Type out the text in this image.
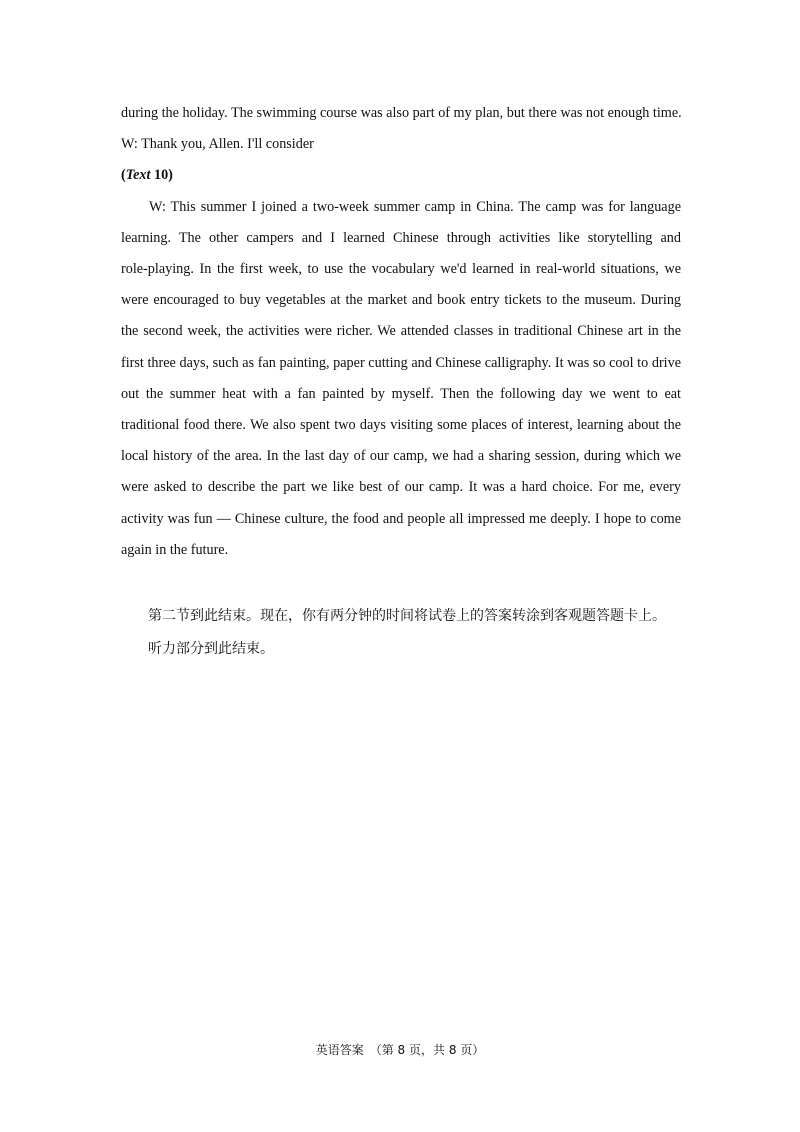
during the holiday. The swimming course was also part of my plan, but there was not enough time.
W: Thank you, Allen. I'll consider
(Text 10)
W: This summer I joined a two-week summer camp in China. The camp was for language
learning. The other campers and I learned Chinese through activities like storytelling and
role-playing. In the first week, to use the vocabulary we'd learned in real-world situations, we
were encouraged to buy vegetables at the market and book entry tickets to the museum. During
the second week, the activities were richer. We attended classes in traditional Chinese art in the
first three days, such as fan painting, paper cutting and Chinese calligraphy. It was so cool to drive
out the summer heat with a fan painted by myself. Then the following day we went to eat
traditional food there. We also spent two days visiting some places of interest, learning about the
local history of the area. In the last day of our camp, we had a sharing session, during which we
were asked to describe the part we like best of our camp. It was a hard choice. For me, every
activity was fun — Chinese culture, the food and people all impressed me deeply. I hope to come
again in the future.
第二节到此结束。现在，你有两分钟的时间将试卷上的答案转涂到客观题答题卡上。
听力部分到此结束。
英语答案　（第 8 页，共 8 页）
